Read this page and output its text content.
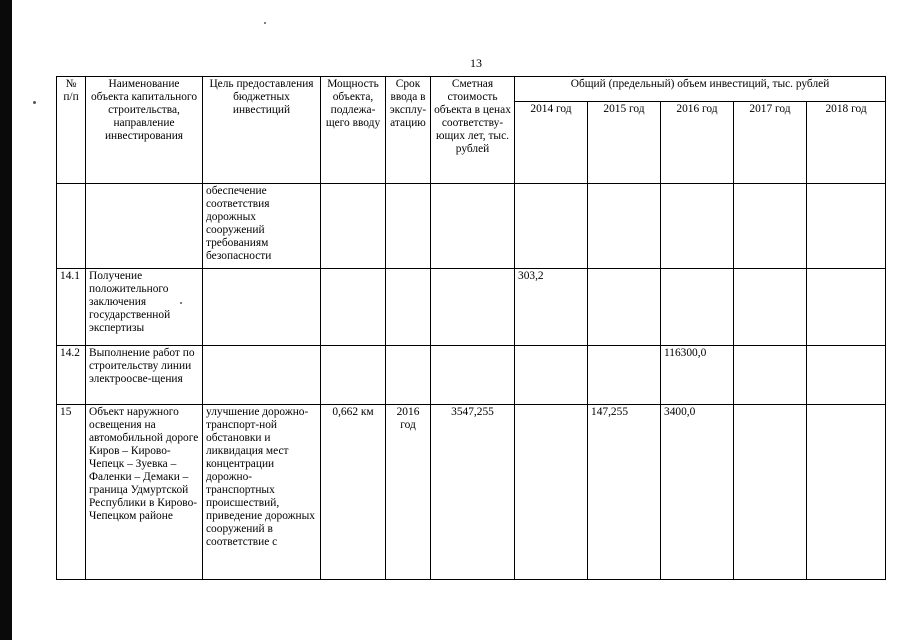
13
№
п/п	Наименование объекта капитального строительства, направление инвестирования	Цель предоставления бюджетных инвестиций	Мощность объекта, подлежа-щего вводу	Срок ввода в эксплу-атацию	Сметная стоимость объекта в ценах соответству-ющих лет, тыс. рублей	Общий (предельный) объем инвестиций, тыс. рублей				

						2014 год	2015 год	2016 год	2017 год	2018 год
		обеспечение соответствия дорожных сооружений требованиям безопасности								
14.1	Получение положительного заключения государственной экспертизы					303,2				
14.2	Выполнение работ по строительству линии электроосве-щения							116300,0		
15	Объект наружного освещения на автомобильной дороге Киров – Кирово-Чепецк – Зуевка – Фаленки – Демаки – граница Удмуртской Республики в Кирово-Чепецком районе	улучшение дорожно-транспорт-ной обстановки и ликвидация мест концентрации дорожно-транспортных происшествий, приведение дорожных сооружений в соответствие с	0,662 км	2016 год	3547,255		147,255	3400,0		
